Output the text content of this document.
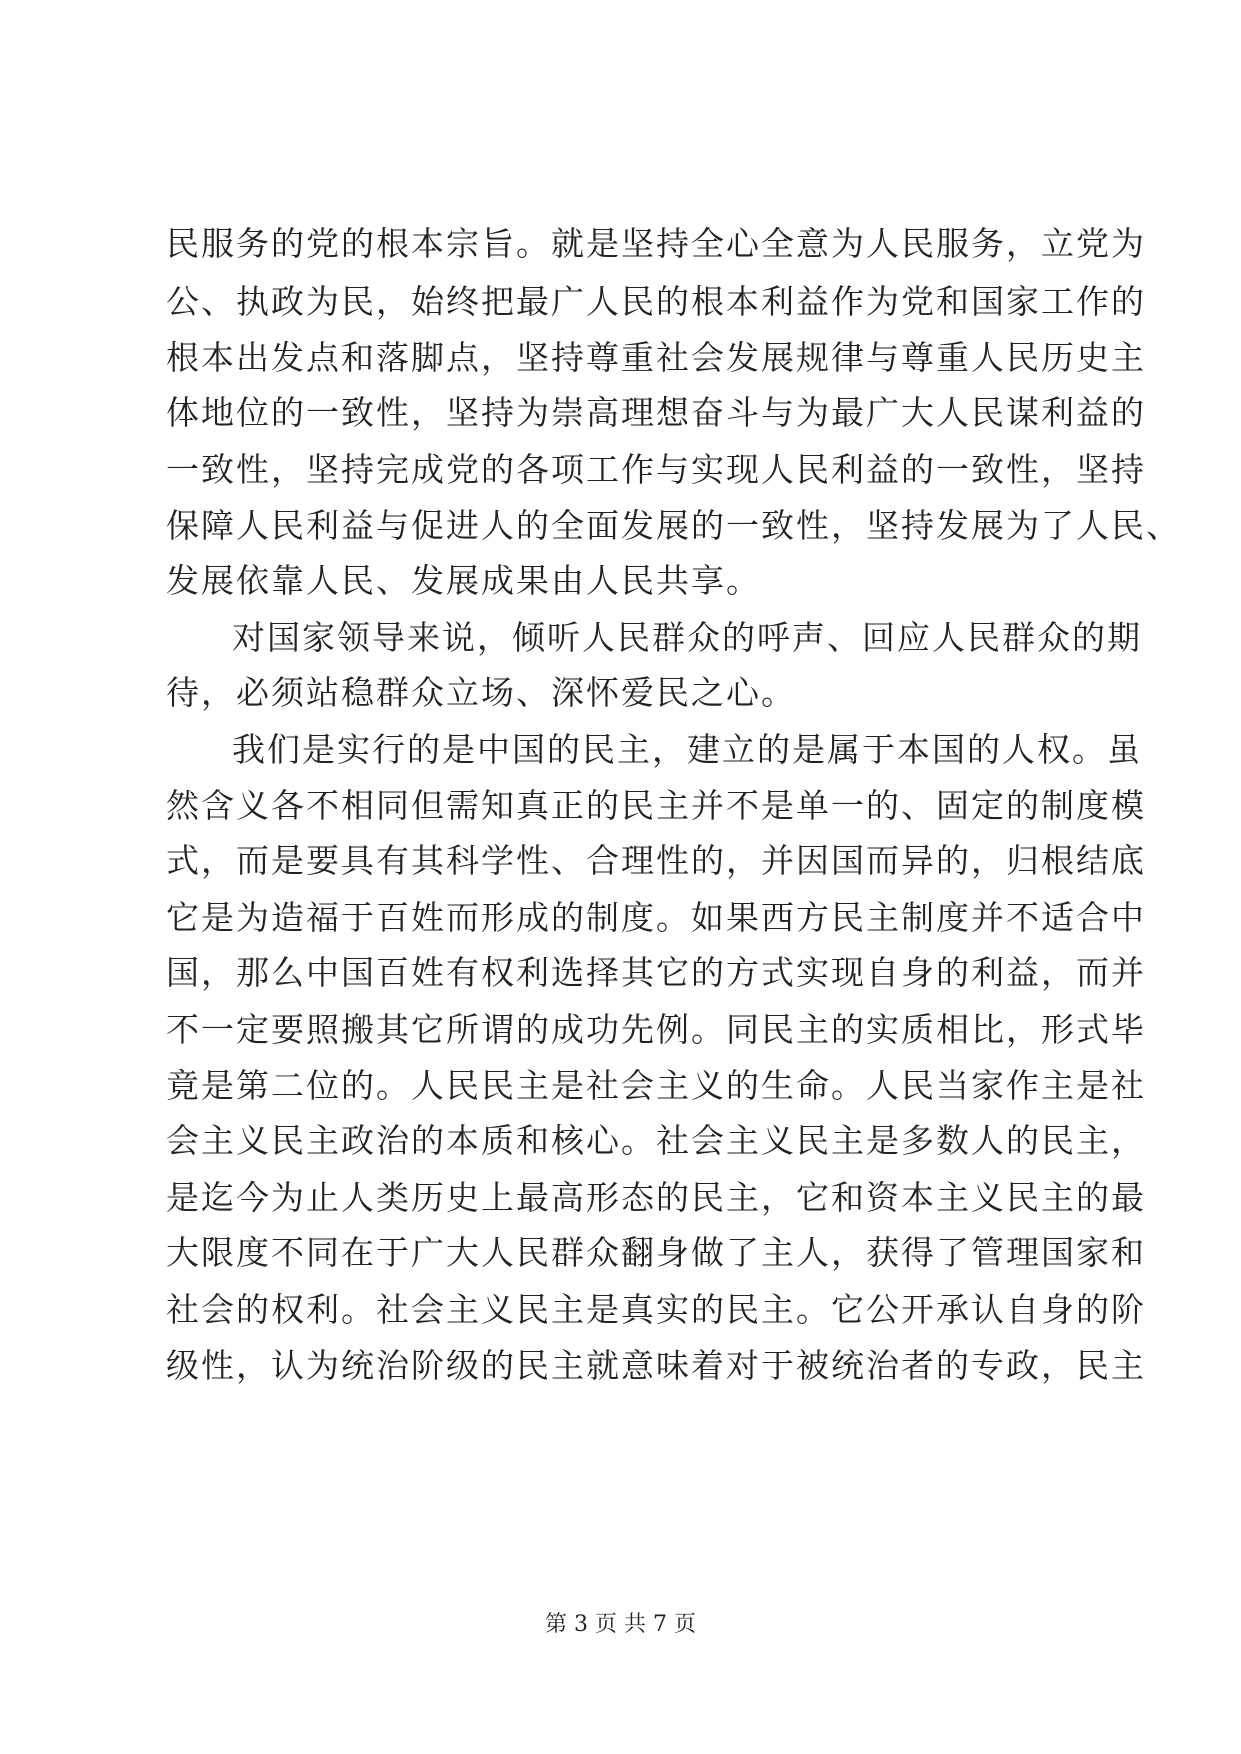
民服务的党的根本宗旨。就是坚持全心全意为人民服务，立党为
公、执政为民，始终把最广人民的根本利益作为党和国家工作的
根本出发点和落脚点，坚持尊重社会发展规律与尊重人民历史主
体地位的一致性，坚持为崇高理想奋斗与为最广大人民谋利益的
一致性，坚持完成党的各项工作与实现人民利益的一致性，坚持
保障人民利益与促进人的全面发展的一致性，坚持发展为了人民、
发展依靠人民、发展成果由人民共享。
对国家领导来说，倾听人民群众的呼声、回应人民群众的期
待，必须站稳群众立场、深怀爱民之心。
我们是实行的是中国的民主，建立的是属于本国的人权。虽
然含义各不相同但需知真正的民主并不是单一的、固定的制度模
式，而是要具有其科学性、合理性的，并因国而异的，归根结底
它是为造福于百姓而形成的制度。如果西方民主制度并不适合中
国，那么中国百姓有权利选择其它的方式实现自身的利益，而并
不一定要照搬其它所谓的成功先例。同民主的实质相比，形式毕
竟是第二位的。人民民主是社会主义的生命。人民当家作主是社
会主义民主政治的本质和核心。社会主义民主是多数人的民主，
是迄今为止人类历史上最高形态的民主，它和资本主义民主的最
大限度不同在于广大人民群众翻身做了主人，获得了管理国家和
社会的权利。社会主义民主是真实的民主。它公开承认自身的阶
级性，认为统治阶级的民主就意味着对于被统治者的专政，民主
第 3 页 共 7 页
